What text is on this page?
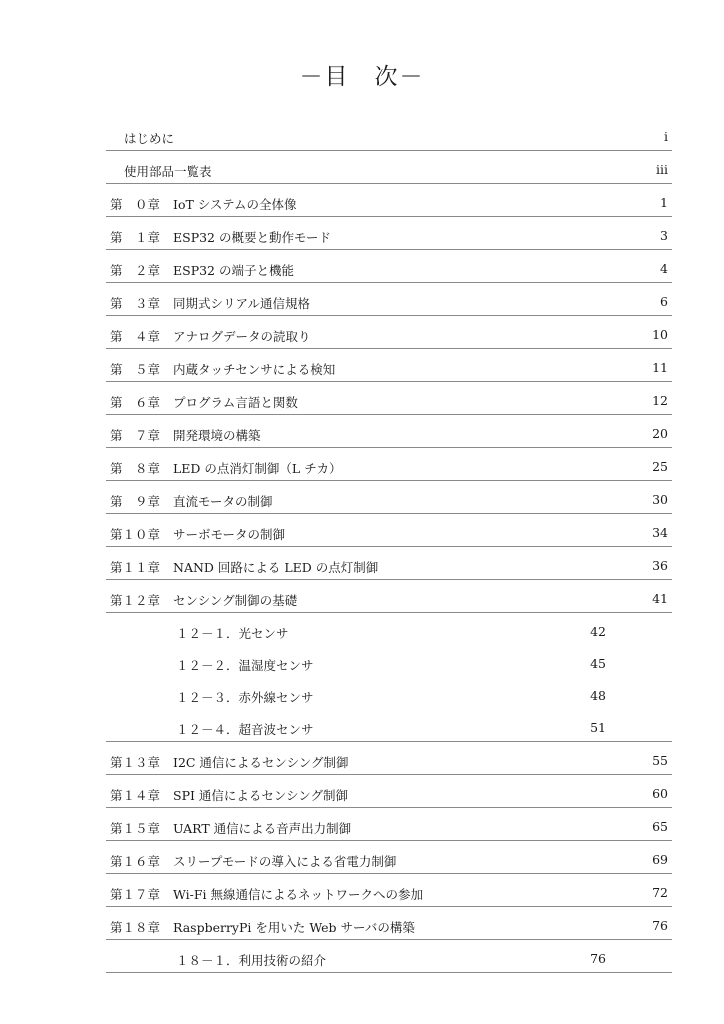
－目　次－
はじめに	i
使用部品一覧表	iii
第　０章 IoT システムの全体像	1
第　１章 ESP32 の概要と動作モード	3
第　２章 ESP32 の端子と機能	4
第　３章 同期式シリアル通信規格	6
第　４章 アナログデータの読取り	10
第　５章 内蔵タッチセンサによる検知	11
第　６章 プログラム言語と関数	12
第　７章 開発環境の構築	20
第　８章 LED の点消灯制御（L チカ）	25
第　９章 直流モータの制御	30
第１０章 サーボモータの制御	34
第１１章 NAND 回路による LED の点灯制御	36
第１２章 センシング制御の基礎	41
１２－１．光センサ	42
１２－２．温湿度センサ	45
１２－３．赤外線センサ	48
１２－４．超音波センサ	51
第１３章 I2C 通信によるセンシング制御	55
第１４章 SPI 通信によるセンシング制御	60
第１５章 UART 通信による音声出力制御	65
第１６章 スリープモードの導入による省電力制御	69
第１７章 Wi-Fi 無線通信によるネットワークへの参加	72
第１８章 RaspberryPi を用いた Web サーバの構築	76
１８－１．利用技術の紹介	76
